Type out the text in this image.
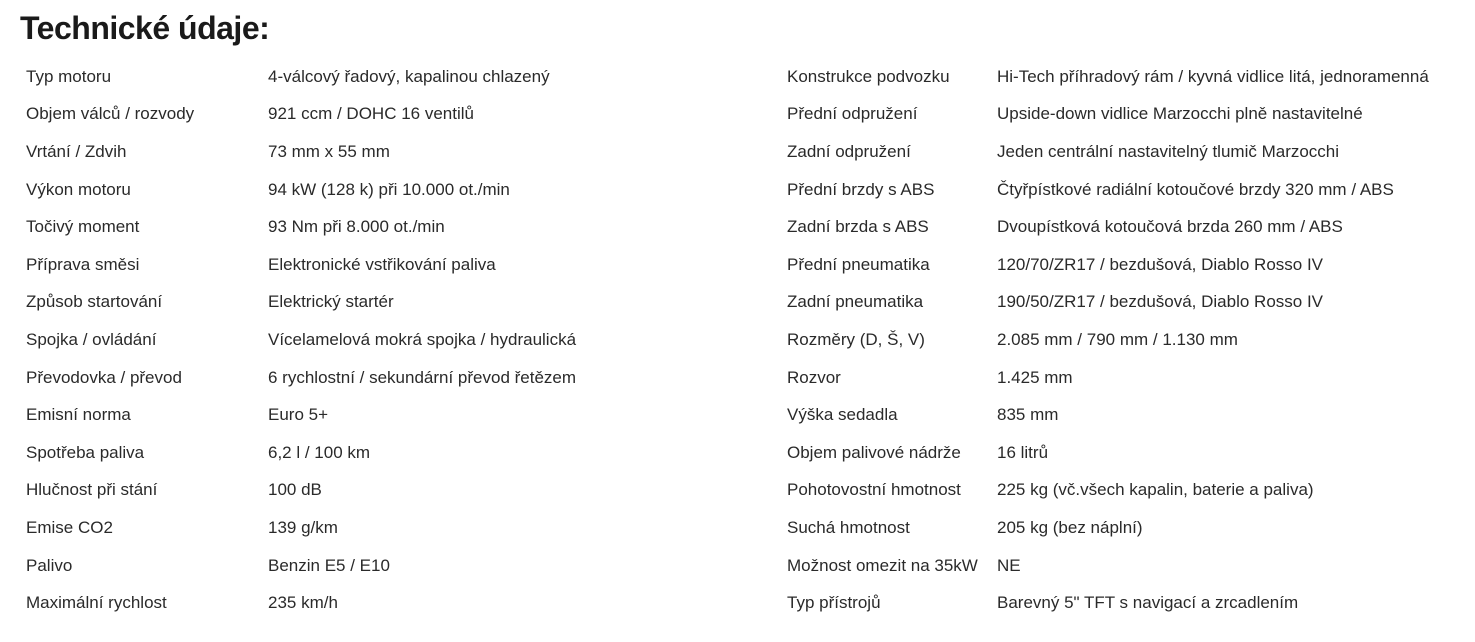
Technické údaje:
Typ motoru	4-válcový řadový, kapalinou chlazený
Objem válců / rozvody	921 ccm / DOHC 16 ventilů
Vrtání / Zdvih	73 mm x 55 mm
Výkon motoru	94 kW (128 k) při 10.000 ot./min
Točivý moment	93 Nm při 8.000 ot./min
Příprava směsi	Elektronické vstřikování paliva
Způsob startování	Elektrický startér
Spojka / ovládání	Vícelamelová mokrá spojka / hydraulická
Převodovka / převod	6 rychlostní / sekundární převod řetězem
Emisní norma	Euro 5+
Spotřeba paliva	6,2 l / 100 km
Hlučnost při stání	100 dB
Emise CO2	139 g/km
Palivo	Benzin E5 / E10
Maximální rychlost	235 km/h
Konstrukce podvozku	Hi-Tech příhradový rám / kyvná vidlice litá, jednoramenná
Přední odpružení	Upside-down vidlice Marzocchi plně nastavitelné
Zadní odpružení	Jeden centrální nastavitelný tlumič Marzocchi
Přední brzdy s ABS	Čtyřpístkové radiální kotoučové brzdy 320 mm / ABS
Zadní brzda s ABS	Dvoupístková kotoučová brzda 260 mm / ABS
Přední pneumatika	120/70/ZR17 / bezdušová, Diablo Rosso IV
Zadní pneumatika	190/50/ZR17 / bezdušová, Diablo Rosso IV
Rozměry (D, Š, V)	2.085 mm / 790 mm / 1.130 mm
Rozvor	1.425 mm
Výška sedadla	835 mm
Objem palivové nádrže	16 litrů
Pohotovostní hmotnost	225 kg (vč.všech kapalin, baterie a paliva)
Suchá hmotnost	205 kg (bez náplní)
Možnost omezit na 35kW	NE
Typ přístrojů	Barevný 5" TFT s navigací a zrcadlením
